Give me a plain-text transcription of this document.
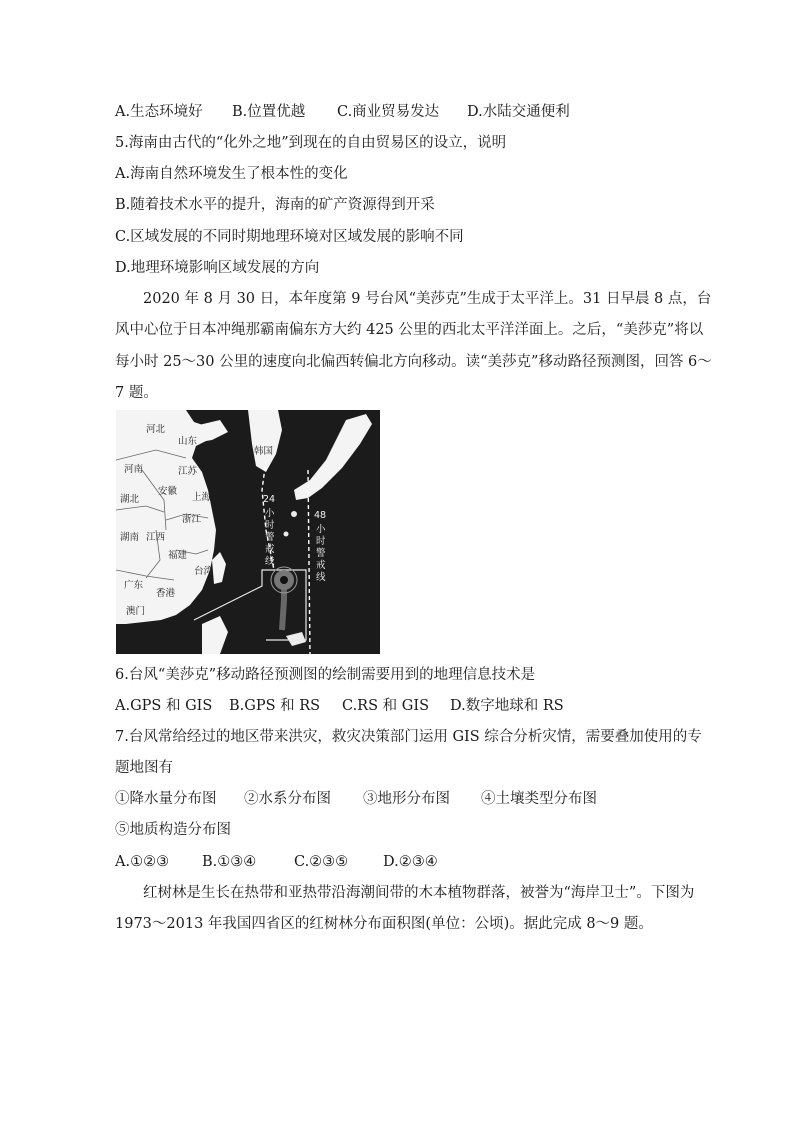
A.生态环境好 B.位置优越 C.商业贸易发达 D.水陆交通便利
5.海南由古代的“化外之地”到现在的自由贸易区的设立，说明
A.海南自然环境发生了根本性的变化
B.随着技术水平的提升，海南的矿产资源得到开采
C.区域发展的不同时期地理环境对区域发展的影响不同
D.地理环境影响区域发展的方向
2020 年 8 月 30 日，本年度第 9 号台风“美莎克”生成于太平洋上。31 日早晨 8 点，台
风中心位于日本冲绳那霸南偏东方大约 425 公里的西北太平洋洋面上。之后，“美莎克”将以
每小时 25～30 公里的速度向北偏西转偏北方向移动。读“美莎克”移动路径预测图，回答 6～
7 题。
河北
山东
河南	江苏
安徽
上海
湖北
浙江
湖南 江西
福建
广东
台湾
香港
澳门
韩国
24
小
时
警
戒
线
48
小
时
警
戒
线
6.台风“美莎克”移动路径预测图的绘制需要用到的地理信息技术是
A.GPS 和 GIS B.GPS 和 RS C.RS 和 GIS D.数字地球和 RS
7.台风常给经过的地区带来洪灾，救灾决策部门运用 GIS 综合分析灾情，需要叠加使用的专
题地图有
①降水量分布图 ②水系分布图 ③地形分布图 ④土壤类型分布图
⑤地质构造分布图
A.①②③ B.①③④	C.②③⑤ D.②③④
红树林是生长在热带和亚热带沿海潮间带的木本植物群落，被誉为“海岸卫士”。下图为
1973～2013 年我国四省区的红树林分布面积图(单位：公顷)。据此完成 8～9 题。
